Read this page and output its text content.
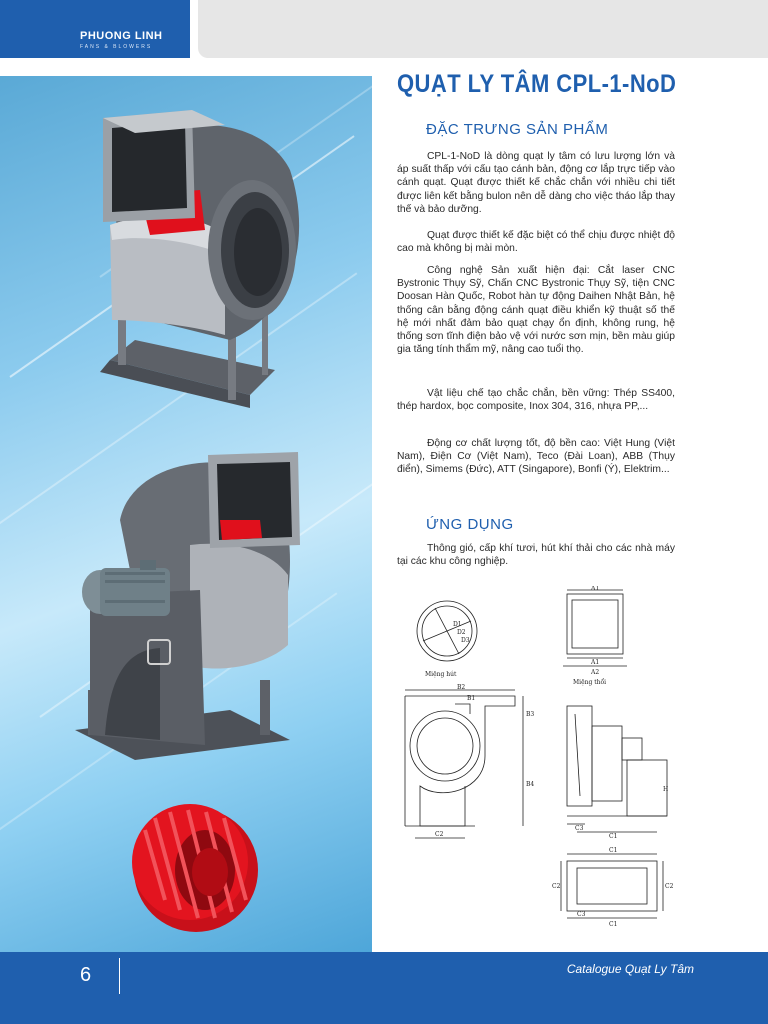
PHUONG LINH
FANS & BLOWERS
QUẠT LY TÂM CPL-1-NoD
ĐẶC TRƯNG SẢN PHẨM

CPL-1-NoD là dòng quạt ly tâm có lưu lượng lớn và áp suất thấp với cấu tạo cánh bản, động cơ lắp trực tiếp vào cánh quạt. Quạt được thiết kế chắc chắn với nhiều chi tiết được liên kết bằng bulon nên dễ dàng cho việc tháo lắp thay thế và bảo dưỡng.

Quạt được thiết kế đặc biệt có thể chịu được nhiệt độ cao mà không bị mài mòn.

Công nghệ Sản xuất hiện đại: Cắt laser CNC Bystronic Thụy Sỹ, Chấn CNC Bystronic Thụy Sỹ, tiện CNC Doosan Hàn Quốc, Robot hàn tự động Daihen Nhật Bản, hệ thống cân bằng động cánh quạt điều khiển kỹ thuật số thế hệ mới nhất đảm bảo quạt chạy ổn định, không rung, hệ thống sơn tĩnh điện bảo vệ với nước sơn mịn, bền màu giúp gia tăng tính thẩm mỹ, nâng cao tuổi thọ.

Vật liệu chế tạo chắc chắn, bền vững: Thép SS400, thép hardox, bọc composite, Inox 304, 316, nhựa PP,...

Động cơ chất lượng tốt, độ bền cao: Việt Hung (Việt Nam), Điện Cơ (Việt Nam), Teco (Đài Loan), ABB (Thụy điển), Simems (Đức), ATT (Singapore), Bonfi (Ý), Elektrim...

ỨNG DỤNG

Thông gió, cấp khí tươi, hút khí thải cho các nhà máy tại các khu công nghiệp.

Miệng hút
Miệng thổi
D1
D2
D3
A1
A1
A2
B2
B1
B3
B4
C2
C3
C1
H
C1
C1
C2	C2
C3
6	Catalogue Quạt Ly Tâm
